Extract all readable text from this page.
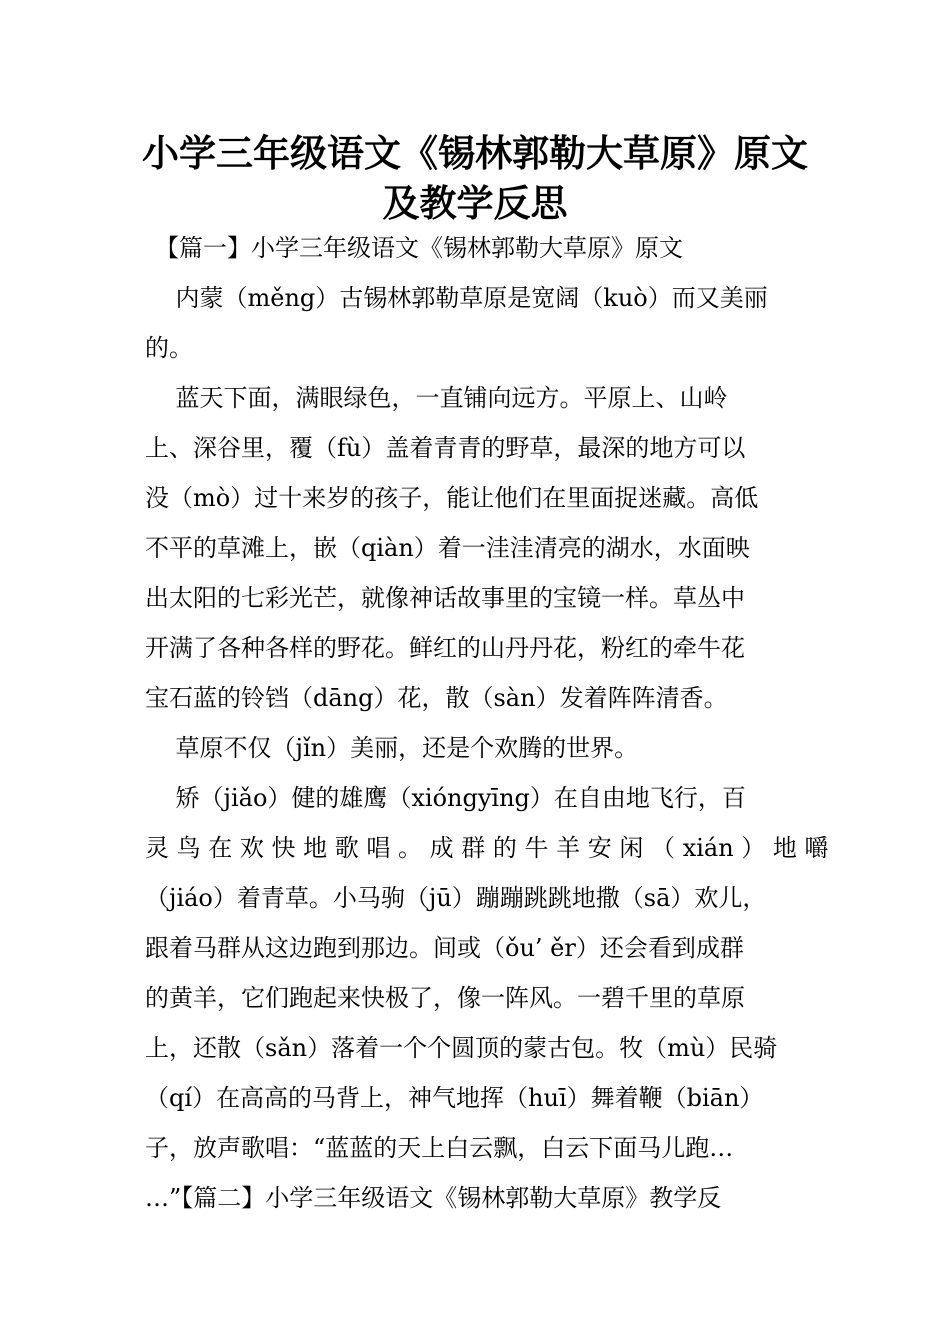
小学三年级语文《锡林郭勒大草原》原文
及教学反思

【篇一】小学三年级语文《锡林郭勒大草原》原文

内蒙（měng）古锡林郭勒草原是宽阔（kuò）而又美丽

的。

蓝天下面，满眼绿色，一直铺向远方。平原上、山岭

上、深谷里，覆（fù）盖着青青的野草，最深的地方可以

没（mò）过十来岁的孩子，能让他们在里面捉迷藏。高低

不平的草滩上，嵌（qiàn）着一洼洼清亮的湖水，水面映

出太阳的七彩光芒，就像神话故事里的宝镜一样。草丛中

开满了各种各样的野花。鲜红的山丹丹花，粉红的牵牛花

宝石蓝的铃铛（dāng）花，散（sàn）发着阵阵清香。

草原不仅（jǐn）美丽，还是个欢腾的世界。

矫（jiǎo）健的雄鹰（xióngyīng）在自由地飞行，百

灵 鸟 在 欢 快 地 歌 唱 。 成 群 的 牛 羊 安 闲 （ xián ） 地 嚼

（jiáo）着青草。小马驹（jū）蹦蹦跳跳地撒（sā）欢儿，

跟着马群从这边跑到那边。间或（ǒu’ ěr）还会看到成群

的黄羊，它们跑起来快极了，像一阵风。一碧千里的草原

上，还散（sǎn）落着一个个圆顶的蒙古包。牧（mù）民骑

（qí）在高高的马背上，神气地挥（huī）舞着鞭（biān）

子，放声歌唱：“蓝蓝的天上白云飘，白云下面马儿跑…

…”【篇二】小学三年级语文《锡林郭勒大草原》教学反
